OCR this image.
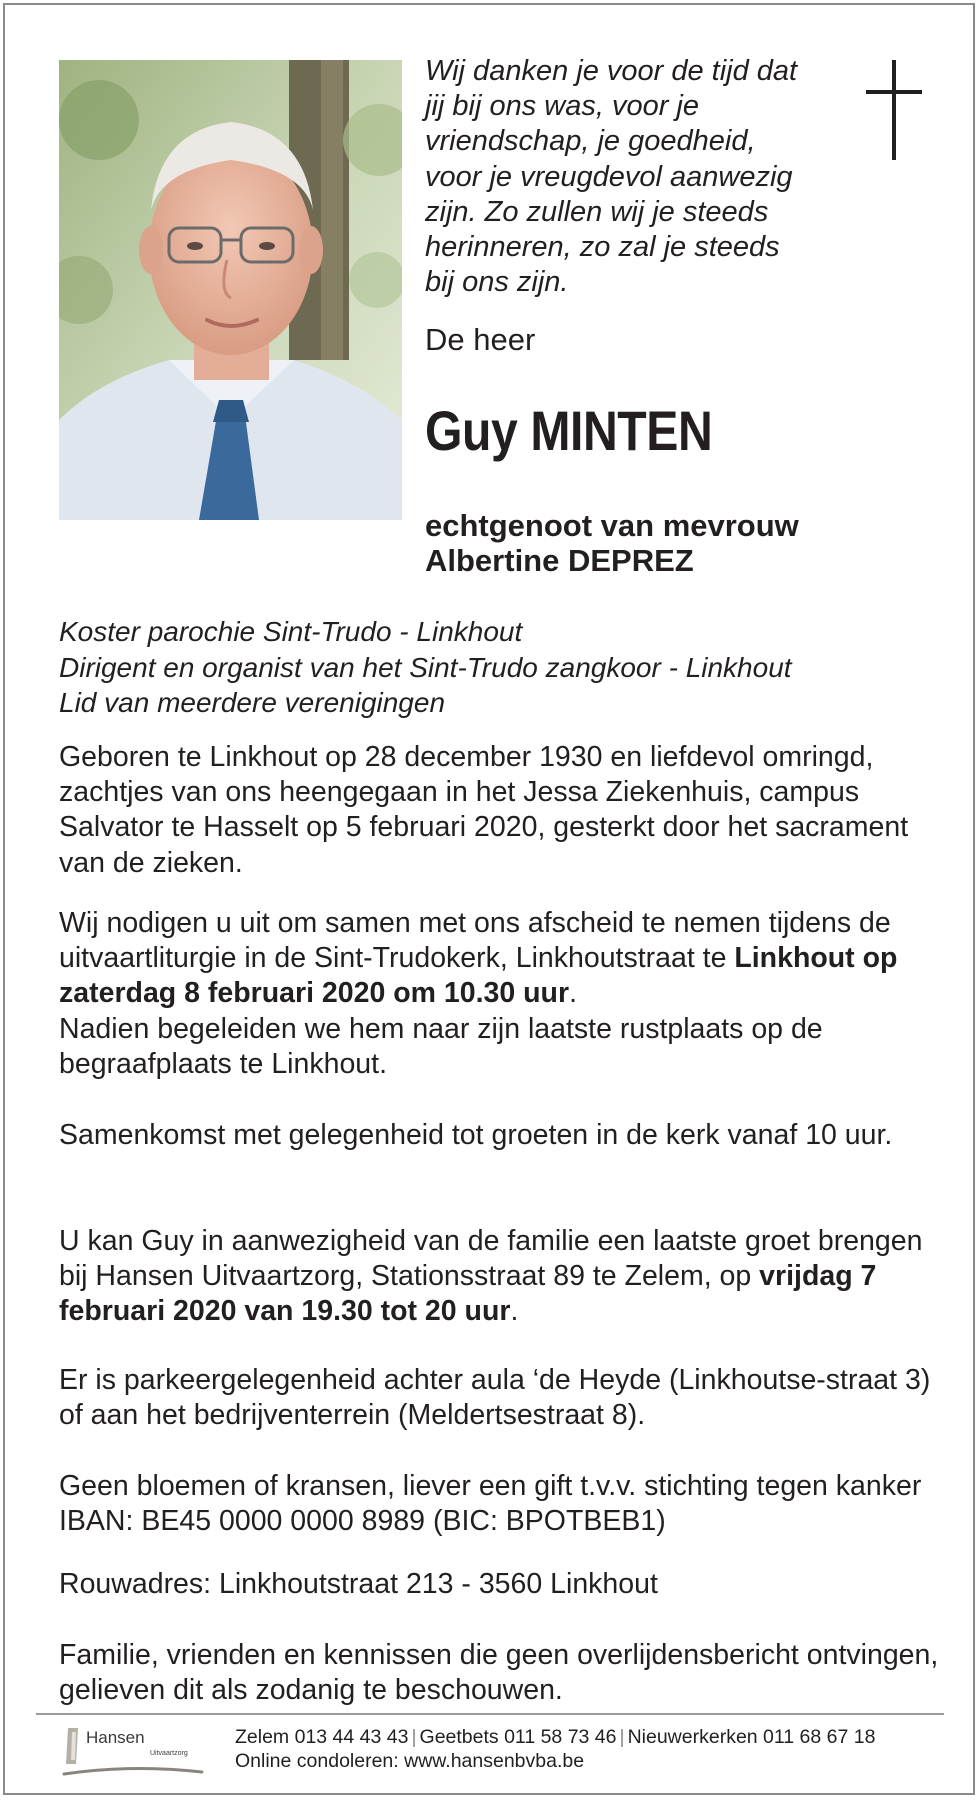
Wij danken je voor de tijd dat
jij bij ons was, voor je
vriendschap, je goedheid,
voor je vreugdevol aanwezig
zijn. Zo zullen wij je steeds
herinneren, zo zal je steeds
bij ons zijn.

De heer

Guy MINTEN

echtgenoot van mevrouw
Albertine DEPREZ

Koster parochie Sint-Trudo - Linkhout
Dirigent en organist van het Sint-Trudo zangkoor - Linkhout
Lid van meerdere verenigingen

Geboren te Linkhout op 28 december 1930 en liefdevol omringd, zachtjes van ons heengegaan in het Jessa Ziekenhuis, campus Salvator te Hasselt op 5 februari 2020, gesterkt door het sacrament van de zieken.

Wij nodigen u uit om samen met ons afscheid te nemen tijdens de uitvaartliturgie in de Sint-Trudokerk, Linkhoutstraat te Linkhout op zaterdag 8 februari 2020 om 10.30 uur.
Nadien begeleiden we hem naar zijn laatste rustplaats op de begraafplaats te Linkhout.

Samenkomst met gelegenheid tot groeten in de kerk vanaf 10 uur.

U kan Guy in aanwezigheid van de familie een laatste groet brengen bij Hansen Uitvaartzorg, Stationsstraat 89 te Zelem, op vrijdag 7 februari 2020 van 19.30 tot 20 uur.

Er is parkeergelegenheid achter aula ‘de Heyde (Linkhoutse-straat 3) of aan het bedrijventerrein (Meldertsestraat 8).

Geen bloemen of kransen, liever een gift t.v.v. stichting tegen kanker IBAN: BE45 0000 0000 8989 (BIC: BPOTBEB1)

Rouwadres: Linkhoutstraat 213 - 3560 Linkhout

Familie, vrienden en kennissen die geen overlijdensbericht ontvingen, gelieven dit als zodanig te beschouwen.

Hansen

Uitvaartzorg

Zelem 013 44 43 43 | Geetbets 011 58 73 46 | Nieuwerkerken 011 68 67 18
Online condoleren: www.hansenbvba.be
